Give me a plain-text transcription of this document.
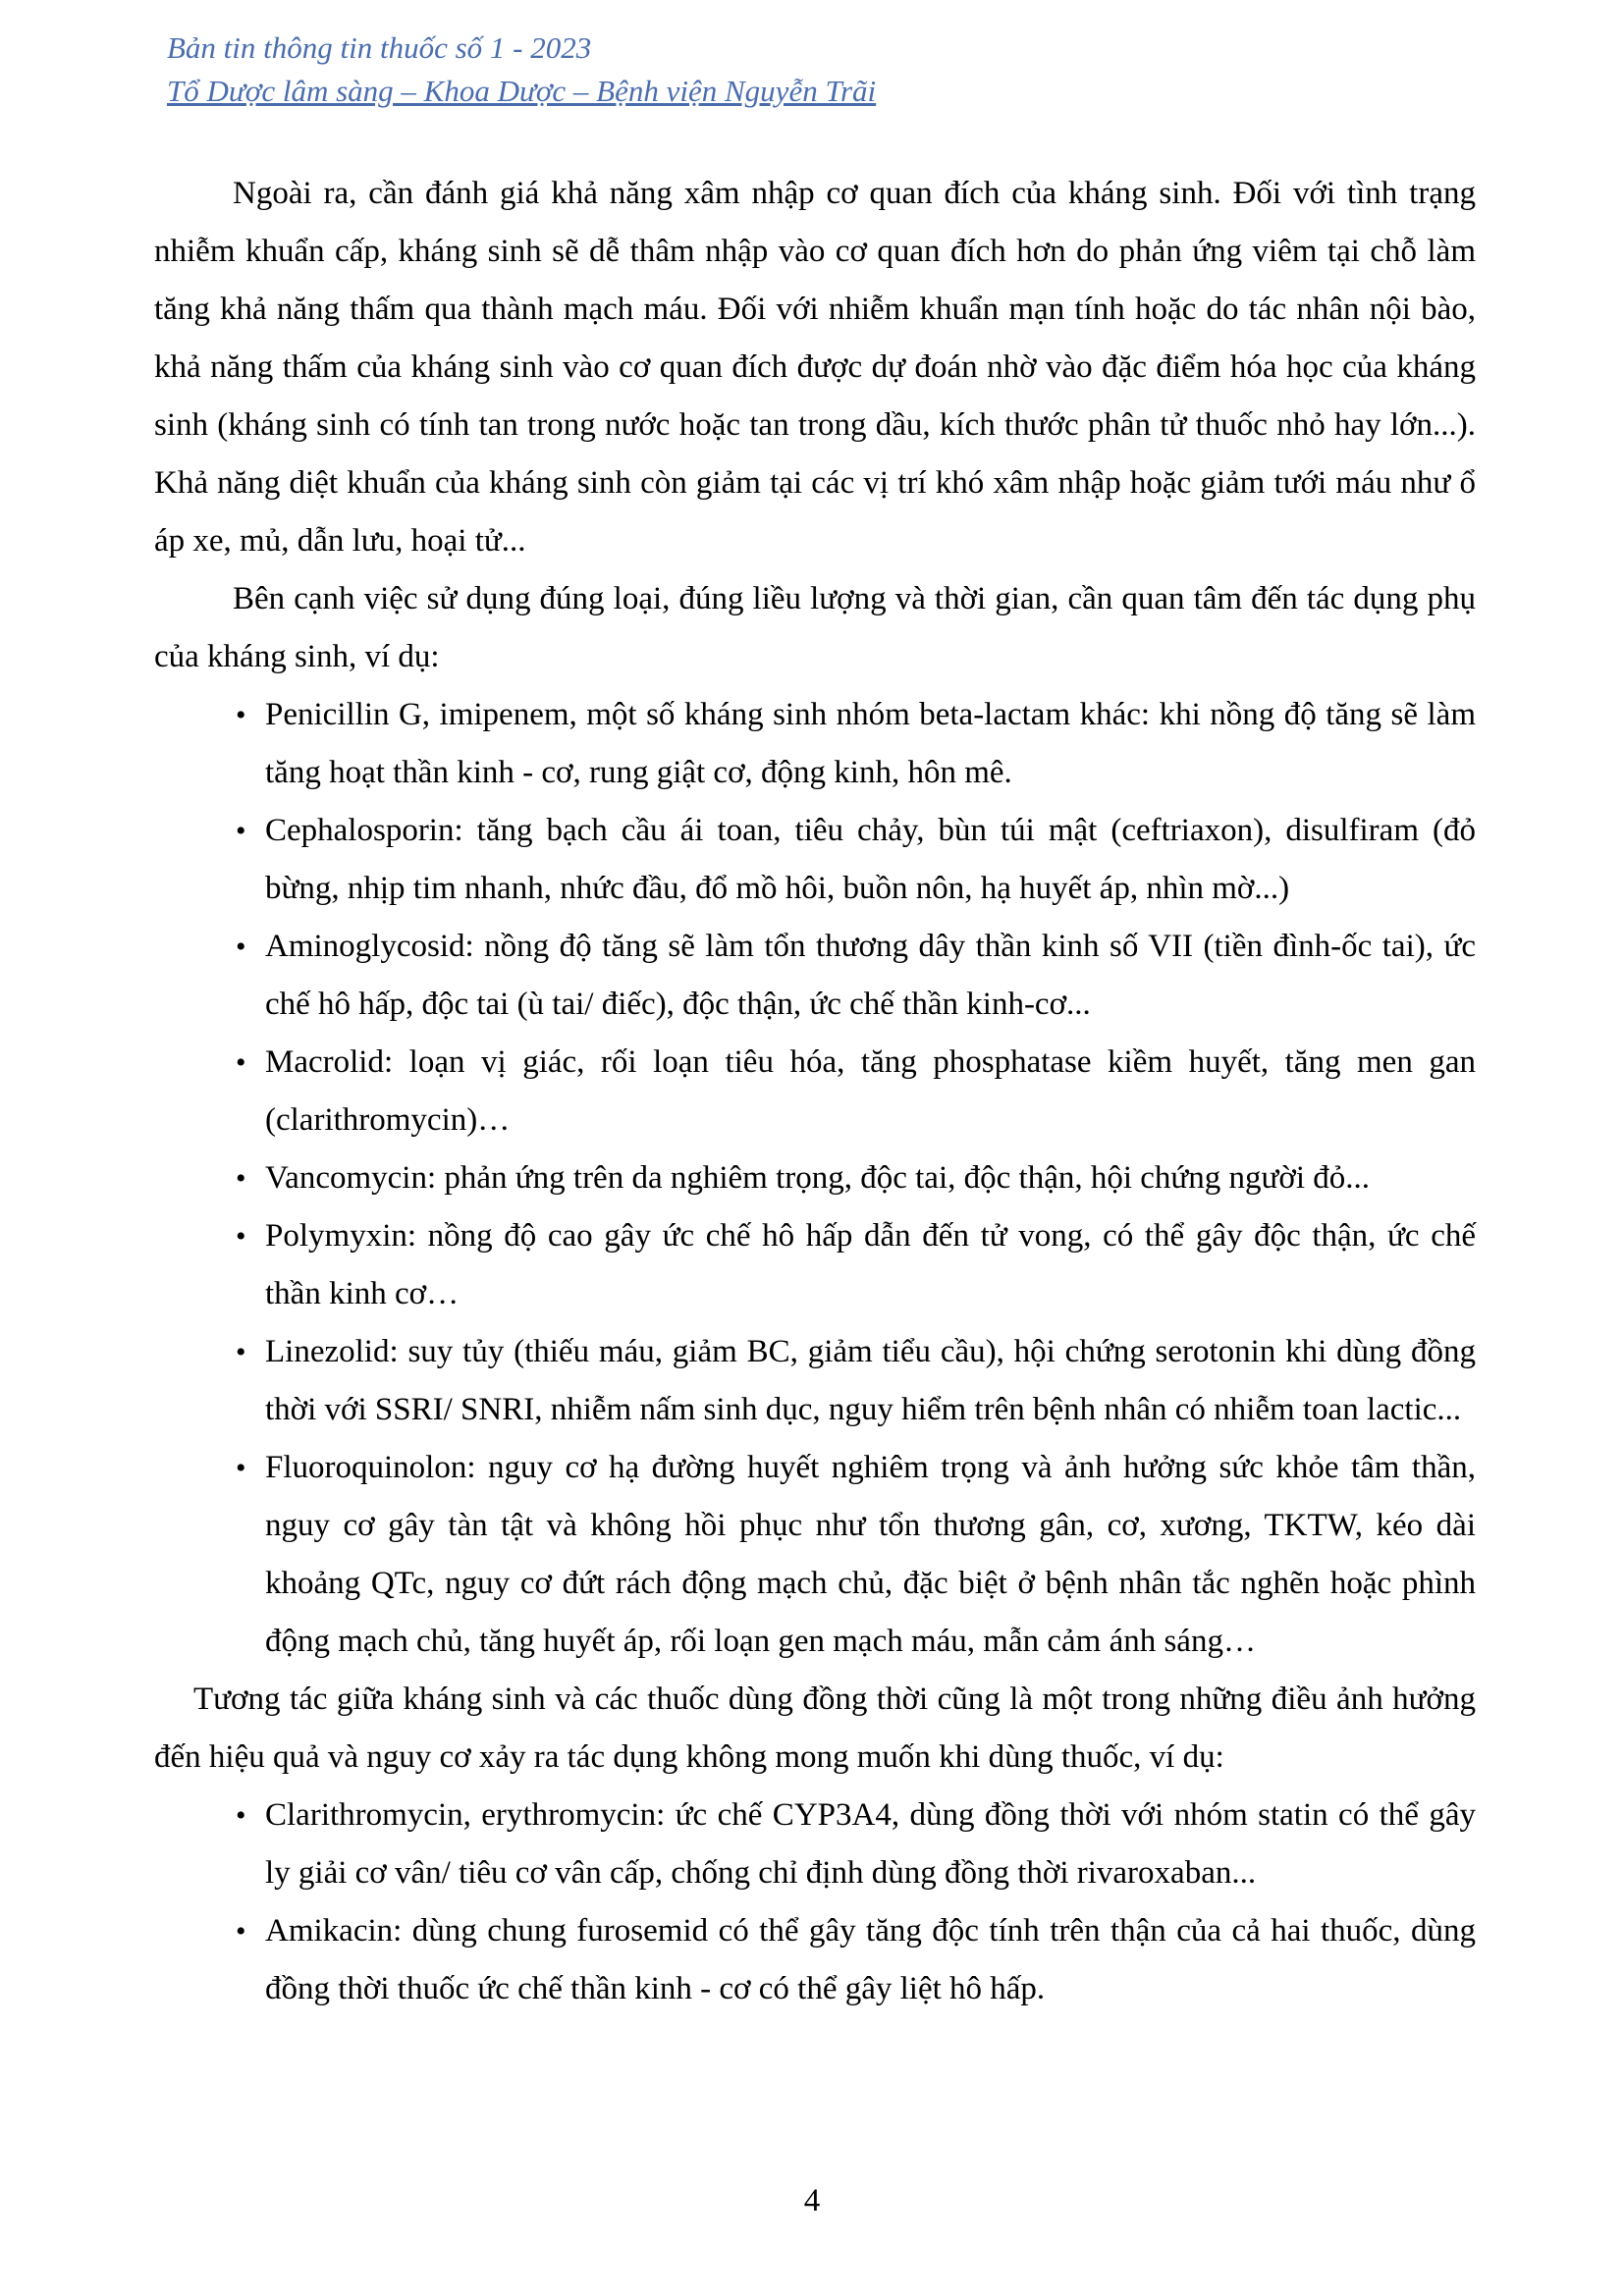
Bản tin thông tin thuốc số 1 - 2023
Tổ Dược lâm sàng – Khoa Dược – Bệnh viện Nguyễn Trãi

Ngoài ra, cần đánh giá khả năng xâm nhập cơ quan đích của kháng sinh. Đối với tình trạng nhiễm khuẩn cấp, kháng sinh sẽ dễ thâm nhập vào cơ quan đích hơn do phản ứng viêm tại chỗ làm tăng khả năng thấm qua thành mạch máu. Đối với nhiễm khuẩn mạn tính hoặc do tác nhân nội bào, khả năng thấm của kháng sinh vào cơ quan đích được dự đoán nhờ vào đặc điểm hóa học của kháng sinh (kháng sinh có tính tan trong nước hoặc tan trong dầu, kích thước phân tử thuốc nhỏ hay lớn...). Khả năng diệt khuẩn của kháng sinh còn giảm tại các vị trí khó xâm nhập hoặc giảm tưới máu như ổ áp xe, mủ, dẫn lưu, hoại tử...

Bên cạnh việc sử dụng đúng loại, đúng liều lượng và thời gian, cần quan tâm đến tác dụng phụ của kháng sinh, ví dụ:

• Penicillin G, imipenem, một số kháng sinh nhóm beta-lactam khác: khi nồng độ tăng sẽ làm tăng hoạt thần kinh - cơ, rung giật cơ, động kinh, hôn mê.
• Cephalosporin: tăng bạch cầu ái toan, tiêu chảy, bùn túi mật (ceftriaxon), disulfiram (đỏ bừng, nhịp tim nhanh, nhức đầu, đổ mồ hôi, buồn nôn, hạ huyết áp, nhìn mờ...)
• Aminoglycosid: nồng độ tăng sẽ làm tổn thương dây thần kinh số VII (tiền đình-ốc tai), ức chế hô hấp, độc tai (ù tai/ điếc), độc thận, ức chế thần kinh-cơ...
• Macrolid: loạn vị giác, rối loạn tiêu hóa, tăng phosphatase kiềm huyết, tăng men gan (clarithromycin)…
• Vancomycin: phản ứng trên da nghiêm trọng, độc tai, độc thận, hội chứng người đỏ...
• Polymyxin: nồng độ cao gây ức chế hô hấp dẫn đến tử vong, có thể gây độc thận, ức chế thần kinh cơ…
• Linezolid: suy tủy (thiếu máu, giảm BC, giảm tiểu cầu), hội chứng serotonin khi dùng đồng thời với SSRI/ SNRI, nhiễm nấm sinh dục, nguy hiểm trên bệnh nhân có nhiễm toan lactic...
• Fluoroquinolon: nguy cơ hạ đường huyết nghiêm trọng và ảnh hưởng sức khỏe tâm thần, nguy cơ gây tàn tật và không hồi phục như tổn thương gân, cơ, xương, TKTW, kéo dài khoảng QTc, nguy cơ đứt rách động mạch chủ, đặc biệt ở bệnh nhân tắc nghẽn hoặc phình động mạch chủ, tăng huyết áp, rối loạn gen mạch máu, mẫn cảm ánh sáng…

Tương tác giữa kháng sinh và các thuốc dùng đồng thời cũng là một trong những điều ảnh hưởng đến hiệu quả và nguy cơ xảy ra tác dụng không mong muốn khi dùng thuốc, ví dụ:

• Clarithromycin, erythromycin: ức chế CYP3A4, dùng đồng thời với nhóm statin có thể gây ly giải cơ vân/ tiêu cơ vân cấp, chống chỉ định dùng đồng thời rivaroxaban...
• Amikacin: dùng chung furosemid có thể gây tăng độc tính trên thận của cả hai thuốc, dùng đồng thời thuốc ức chế thần kinh - cơ có thể gây liệt hô hấp.
4
